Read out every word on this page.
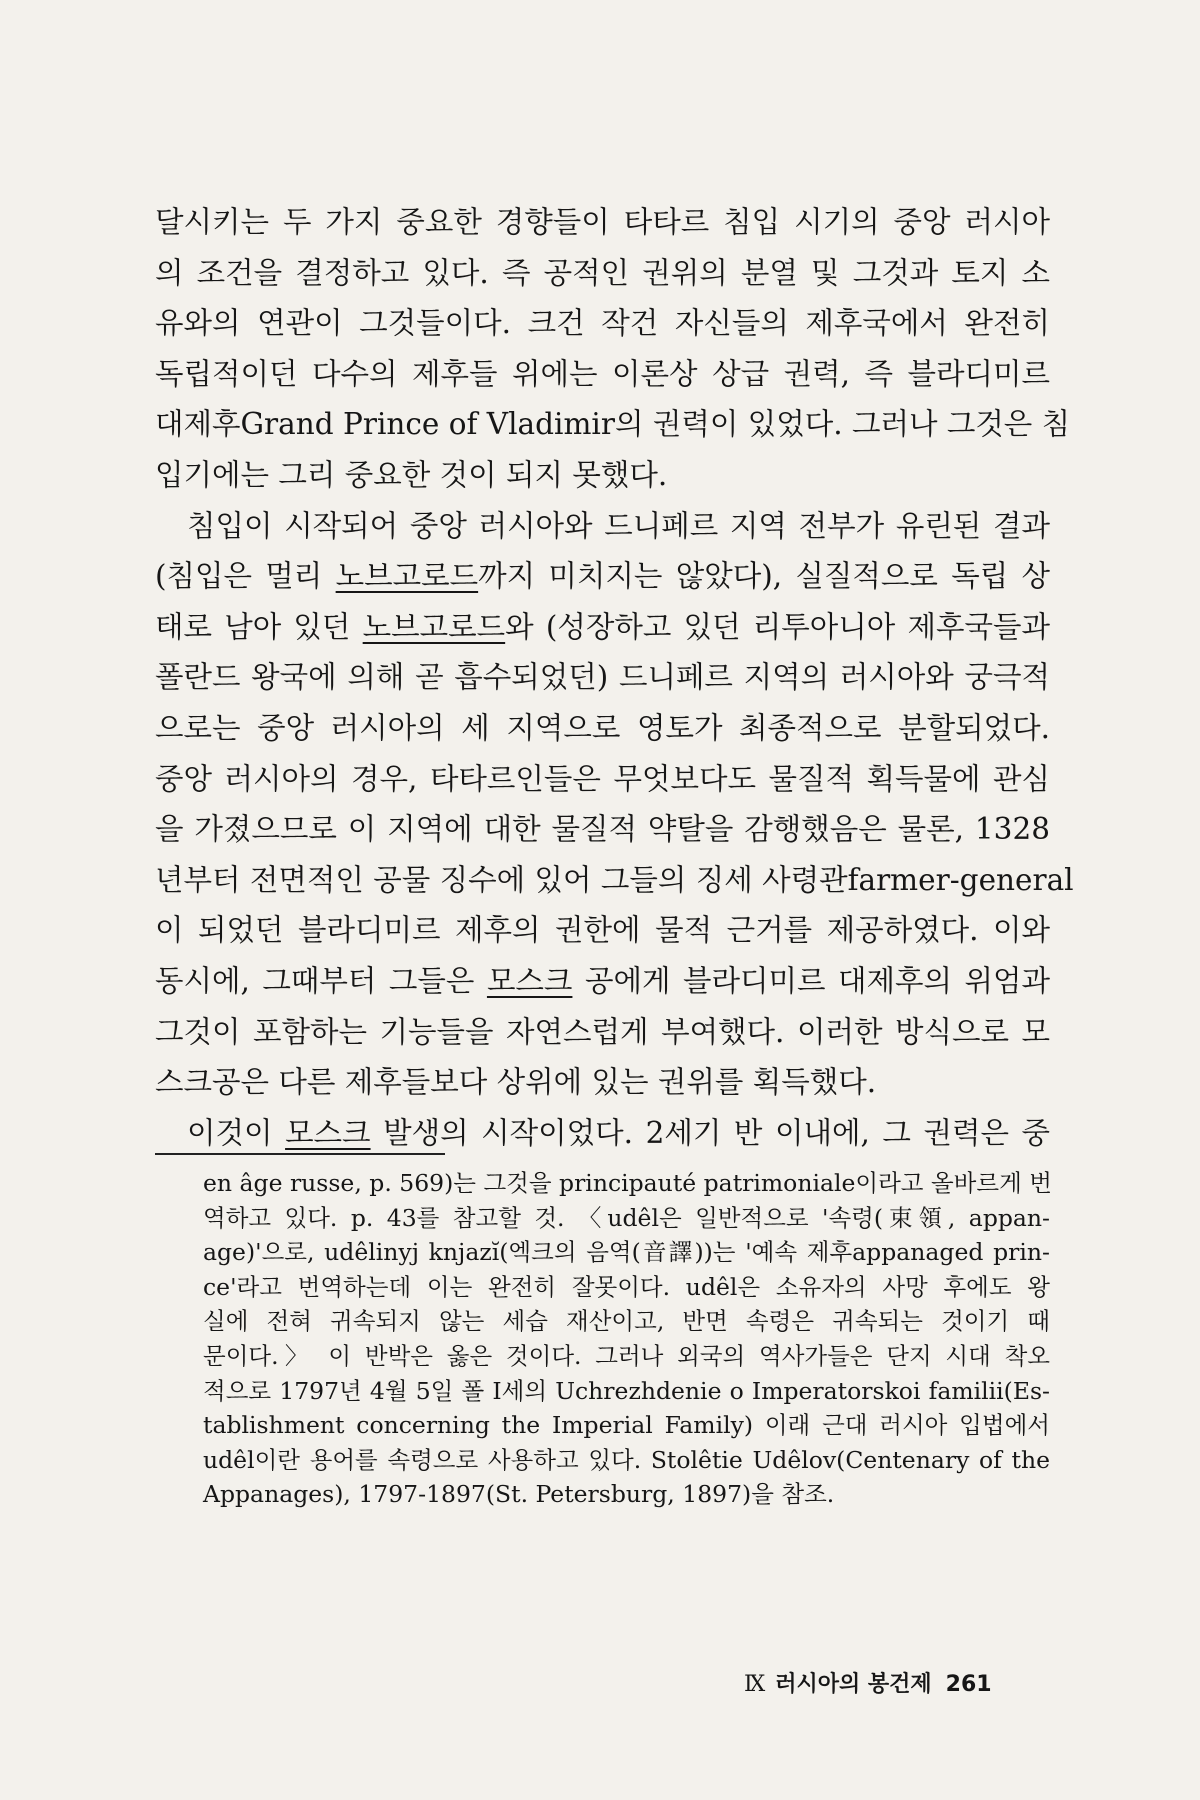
달시키는 두 가지 중요한 경향들이 타타르 침입 시기의 중앙 러시아
의 조건을 결정하고 있다. 즉 공적인 권위의 분열 및 그것과 토지 소
유와의 연관이 그것들이다. 크건 작건 자신들의 제후국에서 완전히
독립적이던 다수의 제후들 위에는 이론상 상급 권력, 즉 블라디미르
대제후Grand Prince of Vladimir의 권력이 있었다. 그러나 그것은 침
입기에는 그리 중요한 것이 되지 못했다.
침입이 시작되어 중앙 러시아와 드니페르 지역 전부가 유린된 결과
(침입은 멀리 노브고로드까지 미치지는 않았다), 실질적으로 독립 상
태로 남아 있던 노브고로드와 (성장하고 있던 리투아니아 제후국들과
폴란드 왕국에 의해 곧 흡수되었던) 드니페르 지역의 러시아와 궁극적
으로는 중앙 러시아의 세 지역으로 영토가 최종적으로 분할되었다.
중앙 러시아의 경우, 타타르인들은 무엇보다도 물질적 획득물에 관심
을 가졌으므로 이 지역에 대한 물질적 약탈을 감행했음은 물론, 1328
년부터 전면적인 공물 징수에 있어 그들의 징세 사령관farmer-general
이 되었던 블라디미르 제후의 권한에 물적 근거를 제공하였다. 이와
동시에, 그때부터 그들은 모스크 공에게 블라디미르 대제후의 위엄과
그것이 포함하는 기능들을 자연스럽게 부여했다. 이러한 방식으로 모
스크공은 다른 제후들보다 상위에 있는 권위를 획득했다.
이것이 모스크 발생의 시작이었다. 2세기 반 이내에, 그 권력은 중
en âge russe, p. 569)는 그것을 principauté patrimoniale이라고 올바르게 번
역하고 있다. p. 43를 참고할 것. 〈udêl은 일반적으로 '속령(束領, appan-
age)'으로, udêlinyj knjazĭ(엑크의 음역(音譯))는 '예속 제후appanaged prin-
ce'라고 번역하는데 이는 완전히 잘못이다. udêl은 소유자의 사망 후에도 왕
실에 전혀 귀속되지 않는 세습 재산이고, 반면 속령은 귀속되는 것이기 때
문이다.〉 이 반박은 옳은 것이다. 그러나 외국의 역사가들은 단지 시대 착오
적으로 1797년 4월 5일 폴 I세의 Uchrezhdenie o Imperatorskoi familii(Es-
tablishment concerning the Imperial Family) 이래 근대 러시아 입법에서
udêl이란 용어를 속령으로 사용하고 있다. Stolêtie Udêlov(Centenary of the
Appanages), 1797-1897(St. Petersburg, 1897)을 참조.
Ⅸ 러시아의 봉건제 261
